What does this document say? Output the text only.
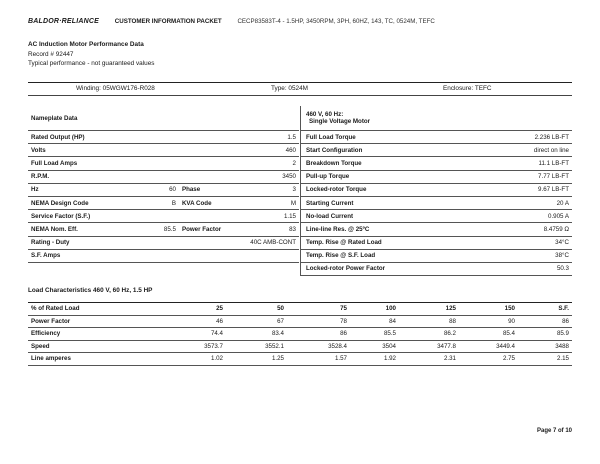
BALDOR·RELIANCE	CUSTOMER INFORMATION PACKET	CECP83583T-4 - 1.5HP, 3450RPM, 3PH, 60HZ, 143, TC, 0524M, TEFC
AC Induction Motor Performance Data
Record # 92447
Typical performance - not guaranteed values
Winding: 05WGW176-R028	Type: 0524M	Enclosure: TEFC
Nameplate Data			
Rated Output (HP)			1.5
Volts			460
Full Load Amps			2
R.P.M.			3450
Hz	60	Phase	3
NEMA Design Code	B	KVA Code	M
Service Factor (S.F.)			1.15
NEMA Nom. Eff.	85.5	Power Factor	83
Rating - Duty			40C AMB-CONT
S.F. Amps			
460 V, 60 Hz:
Single Voltage Motor	

Full Load Torque	2.236 LB-FT
Start Configuration	direct on line
Breakdown Torque	11.1 LB-FT
Pull-up Torque	7.77 LB-FT
Locked-rotor Torque	9.67 LB-FT
Starting Current	20 A
No-load Current	0.905 A
Line-line Res. @ 25ºC	8.4759 Ω
Temp. Rise @ Rated Load	34°C
Temp. Rise @ S.F. Load	38°C
Locked-rotor Power Factor	50.3
Load Characteristics 460 V, 60 Hz, 1.5 HP
% of Rated Load	25	50	75	100	125	150	S.F.
Power Factor	46	67	78	84	88	90	86
Efficiency	74.4	83.4	86	85.5	86.2	85.4	85.9
Speed	3573.7	3552.1	3528.4	3504	3477.8	3449.4	3488
Line amperes	1.02	1.25	1.57	1.92	2.31	2.75	2.15
Page 7 of 10
